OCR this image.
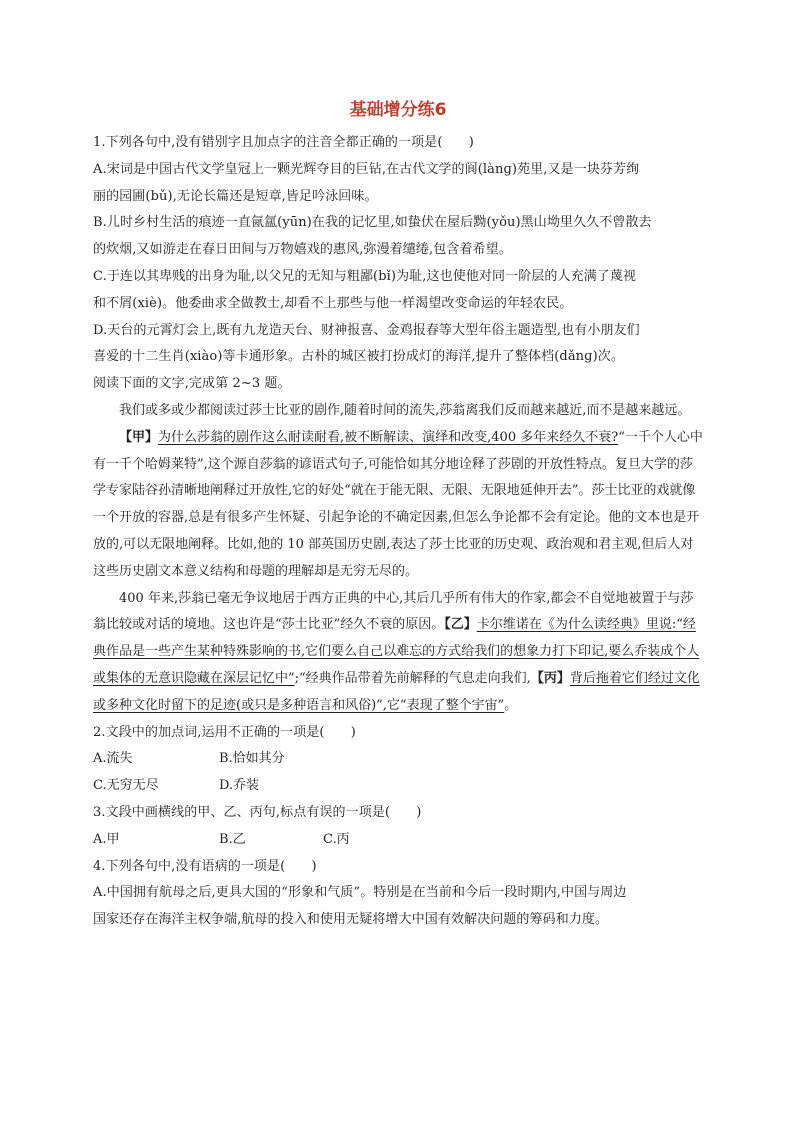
基础增分练6
1.下列各句中,没有错别字且加点字的注音全都正确的一项是(　　)
A.宋词是中国古代文学皇冠上一颗光辉夺目的巨钻,在古代文学的阆(lànɡ)苑里,又是一块芬芳绚
丽的园圃(bǔ),无论长篇还是短章,皆足吟泳回味。
B.儿时乡村生活的痕迹一直氤氲(yūn)在我的记忆里,如蛰伏在屋后黝(yǒu)黑山坳里久久不曾散去
的炊烟,又如游走在春日田间与万物嬉戏的惠风,弥漫着缱绻,包含着希望。
C.于连以其卑贱的出身为耻,以父兄的无知与粗鄙(bǐ)为耻,这也使他对同一阶层的人充满了蔑视
和不屑(xiè)。他委曲求全做教士,却看不上那些与他一样渴望改变命运的年轻农民。
D.天台的元霄灯会上,既有九龙造天台、财神报喜、金鸡报春等大型年俗主题造型,也有小朋友们
喜爱的十二生肖(xiào)等卡通形象。古朴的城区被打扮成灯的海洋,提升了整体档(dǎnɡ)次。
阅读下面的文字,完成第 2~3 题。

我们或多或少都阅读过莎士比亚的剧作,随着时间的流失,莎翁离我们反而越来越近,而不是越来越远。

【甲】为什么莎翁的剧作这么耐读耐看,被不断解读、演绎和改变,400 多年来经久不衰?“一千个人心中有一千个哈姆莱特”,这个源自莎翁的谚语式句子,可能恰如其分地诠释了莎剧的开放性特点。复旦大学的莎学专家陆谷孙清晰地阐释过开放性,它的好处“就在于能无限、无限、无限地延伸开去”。莎士比亚的戏就像一个开放的容器,总是有很多产生怀疑、引起争论的不确定因素,但怎么争论都不会有定论。他的文本也是开放的,可以无限地阐释。比如,他的 10 部英国历史剧,表达了莎士比亚的历史观、政治观和君主观,但后人对这些历史剧文本意义结构和母题的理解却是无穷无尽的。

400 年来,莎翁已毫无争议地居于西方正典的中心,其后几乎所有伟大的作家,都会不自觉地被置于与莎翁比较或对话的境地。这也许是“莎士比亚”经久不衰的原因。【乙】卡尔维诺在《为什么读经典》里说:“经典作品是一些产生某种特殊影响的书,它们要么自己以难忘的方式给我们的想象力打下印记,要么乔装成个人或集体的无意识隐藏在深层记忆中”;“经典作品带着先前解释的气息走向我们,【丙】背后拖着它们经过文化或多种文化时留下的足迹(或只是多种语言和风俗)”,它“表现了整个宇宙”。

2.文段中的加点词,运用不正确的一项是(　　)
A.流失	B.恰如其分
C.无穷无尽	D.乔装
3.文段中画横线的甲、乙、丙句,标点有误的一项是(　　)
A.甲	B.乙	C.丙
4.下列各句中,没有语病的一项是(　　)
A.中国拥有航母之后,更具大国的“形象和气质”。特别是在当前和今后一段时期内,中国与周边
国家还存在海洋主权争端,航母的投入和使用无疑将增大中国有效解决问题的筹码和力度。
